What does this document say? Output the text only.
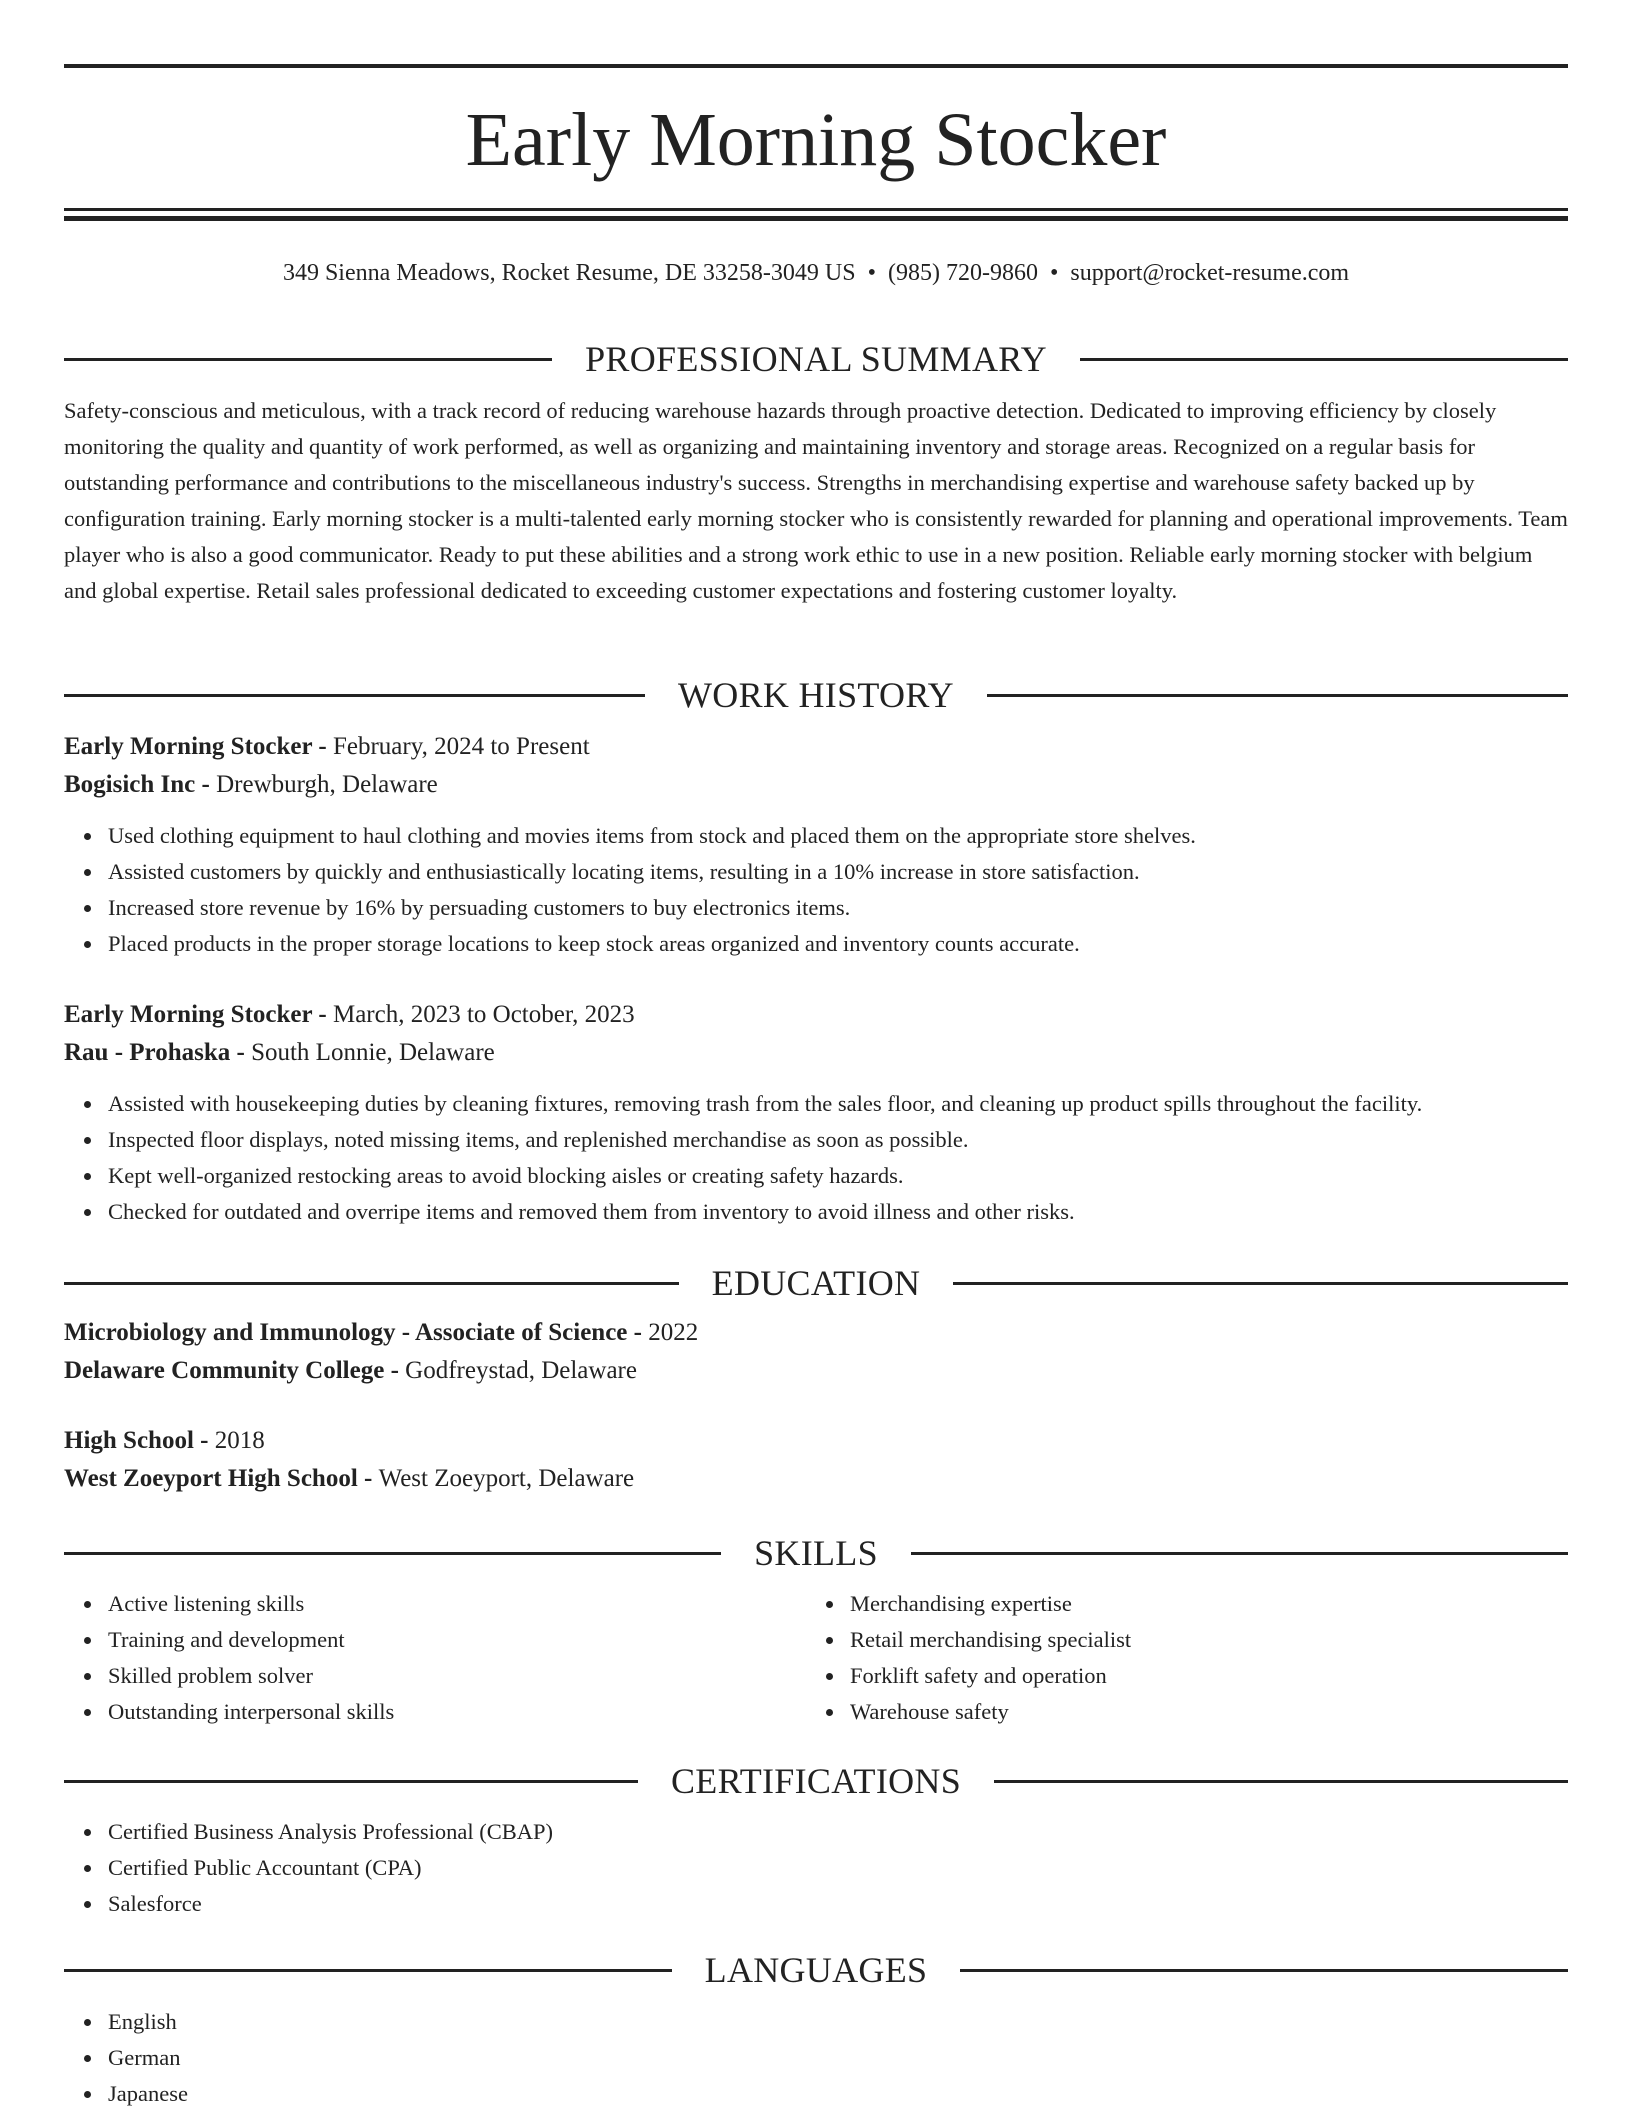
Early Morning Stocker
349 Sienna Meadows, Rocket Resume, DE 33258-3049 US • (985) 720-9860 • support@rocket-resume.com
PROFESSIONAL SUMMARY

Safety-conscious and meticulous, with a track record of reducing warehouse hazards through proactive detection. Dedicated to improving efficiency by closely monitoring the quality and quantity of work performed, as well as organizing and maintaining inventory and storage areas. Recognized on a regular basis for outstanding performance and contributions to the miscellaneous industry's success. Strengths in merchandising expertise and warehouse safety backed up by configuration training. Early morning stocker is a multi-talented early morning stocker who is consistently rewarded for planning and operational improvements. Team player who is also a good communicator. Ready to put these abilities and a strong work ethic to use in a new position. Reliable early morning stocker with belgium and global expertise. Retail sales professional dedicated to exceeding customer expectations and fostering customer loyalty.

WORK HISTORY
Early Morning Stocker - February, 2024 to Present
Bogisich Inc - Drewburgh, Delaware
Used clothing equipment to haul clothing and movies items from stock and placed them on the appropriate store shelves.
Assisted customers by quickly and enthusiastically locating items, resulting in a 10% increase in store satisfaction.
Increased store revenue by 16% by persuading customers to buy electronics items.
Placed products in the proper storage locations to keep stock areas organized and inventory counts accurate.
Early Morning Stocker - March, 2023 to October, 2023
Rau - Prohaska - South Lonnie, Delaware
Assisted with housekeeping duties by cleaning fixtures, removing trash from the sales floor, and cleaning up product spills throughout the facility.
Inspected floor displays, noted missing items, and replenished merchandise as soon as possible.
Kept well-organized restocking areas to avoid blocking aisles or creating safety hazards.
Checked for outdated and overripe items and removed them from inventory to avoid illness and other risks.
EDUCATION
Microbiology and Immunology - Associate of Science - 2022
Delaware Community College - Godfreystad, Delaware
High School - 2018
West Zoeyport High School - West Zoeyport, Delaware
SKILLS
Active listening skills
Training and development
Skilled problem solver
Outstanding interpersonal skills
Merchandising expertise
Retail merchandising specialist
Forklift safety and operation
Warehouse safety
CERTIFICATIONS
Certified Business Analysis Professional (CBAP)
Certified Public Accountant (CPA)
Salesforce
LANGUAGES
English
German
Japanese
